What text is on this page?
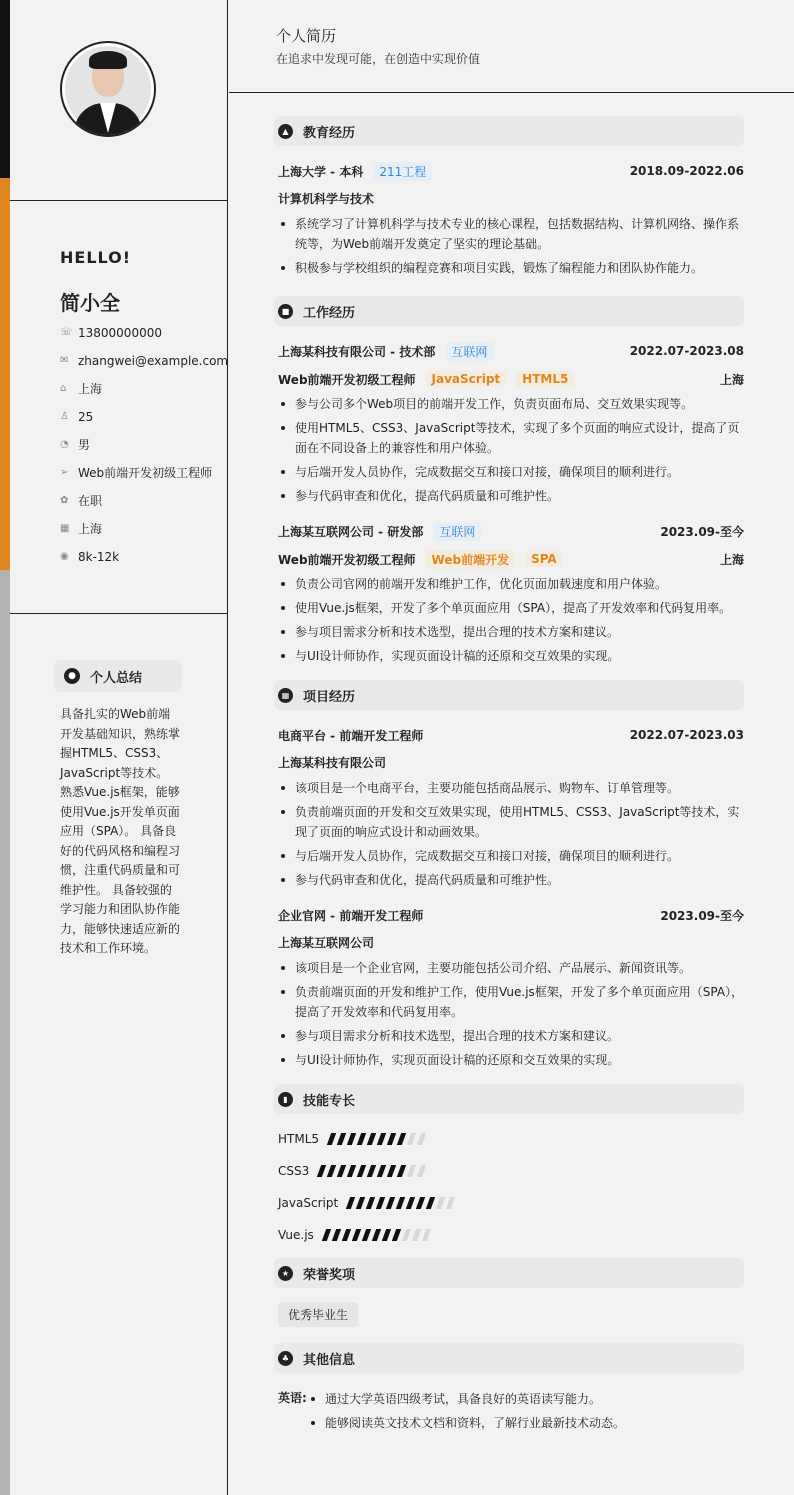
HELLO!
简小全
☏ 13800000000
✉ zhangwei@example.com
⌂ 上海
♙ 25
◔ 男
➢ Web前端开发初级工程师
✿ 在职
▦ 上海
◉ 8k-12k
●	个人总结
具备扎实的Web前端开发基础知识，熟练掌握HTML5、CSS3、JavaScript等技术。 熟悉Vue.js框架，能够使用Vue.js开发单页面应用（SPA）。 具备良好的代码风格和编程习惯，注重代码质量和可维护性。 具备较强的学习能力和团队协作能力，能够快速适应新的技术和工作环境。
个人简历
在追求中发现可能，在创造中实现价值
▲	教育经历
上海大学 - 本科	211工程	2018.09-2022.06
计算机科学与技术
系统学习了计算机科学与技术专业的核心课程，包括数据结构、计算机网络、操作系统等，为Web前端开发奠定了坚实的理论基础。
积极参与学校组织的编程竞赛和项目实践，锻炼了编程能力和团队协作能力。
■ 工作经历
上海某科技有限公司 - 技术部	互联网	2022.07-2023.08
Web前端开发初级工程师	JavaScript	HTML5	上海
参与公司多个Web项目的前端开发工作，负责页面布局、交互效果实现等。
使用HTML5、CSS3、JavaScript等技术，实现了多个页面的响应式设计，提高了页面在不同设备上的兼容性和用户体验。
与后端开发人员协作，完成数据交互和接口对接，确保项目的顺利进行。
参与代码审查和优化，提高代码质量和可维护性。
上海某互联网公司 - 研发部	互联网	2023.09-至今
Web前端开发初级工程师	Web前端开发	SPA	上海
负责公司官网的前端开发和维护工作，优化页面加载速度和用户体验。
使用Vue.js框架，开发了多个单页面应用（SPA），提高了开发效率和代码复用率。
参与项目需求分析和技术选型，提出合理的技术方案和建议。
与UI设计师协作，实现页面设计稿的还原和交互效果的实现。
▦ 项目经历
电商平台 - 前端开发工程师	2022.07-2023.03
上海某科技有限公司
该项目是一个电商平台，主要功能包括商品展示、购物车、订单管理等。
负责前端页面的开发和交互效果实现，使用HTML5、CSS3、JavaScript等技术，实现了页面的响应式设计和动画效果。
与后端开发人员协作，完成数据交互和接口对接，确保项目的顺利进行。
参与代码审查和优化，提高代码质量和可维护性。
企业官网 - 前端开发工程师	2023.09-至今
上海某互联网公司
该项目是一个企业官网，主要功能包括公司介绍、产品展示、新闻资讯等。
负责前端页面的开发和维护工作，使用Vue.js框架，开发了多个单页面应用（SPA），提高了开发效率和代码复用率。
参与项目需求分析和技术选型，提出合理的技术方案和建议。
与UI设计师协作，实现页面设计稿的还原和交互效果的实现。
▮	技能专长
HTML5
CSS3
JavaScript
Vue.js
★	荣誉奖项
优秀毕业生
♣	其他信息
英语:	通过大学英语四级考试，具备良好的英语读写能力。
能够阅读英文技术文档和资料，了解行业最新技术动态。
